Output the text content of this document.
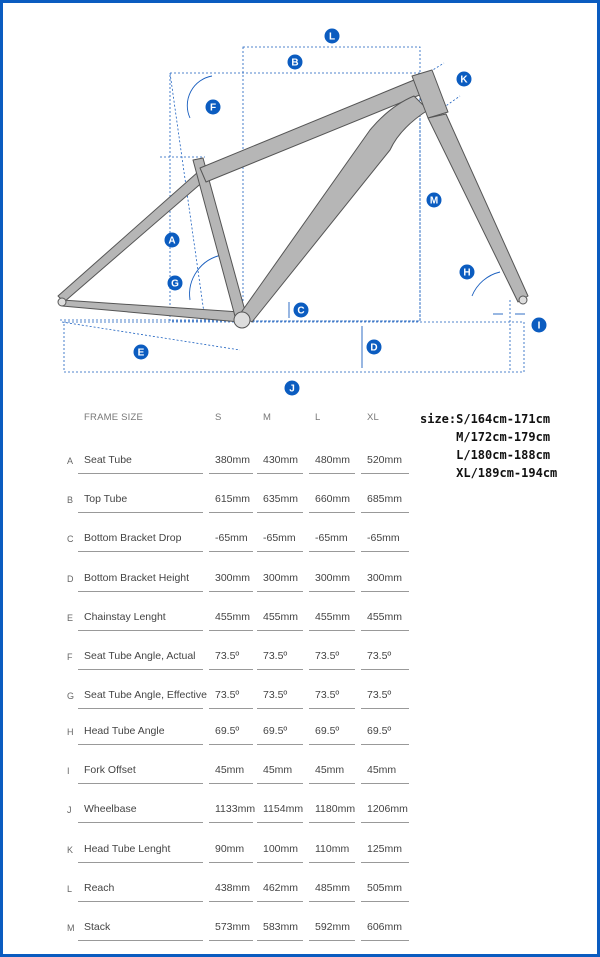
A
B
C
D
E
F
G
H
I
J
K
L
M
FRAME SIZE	S	M	L	XL
A Seat Tube	380mm 430mm 480mm 520mm
B Top Tube	615mm 635mm 660mm 685mm
C Bottom Bracket Drop	-65mm -65mm -65mm -65mm
D Bottom Bracket Height 300mm 300mm 300mm 300mm
E Chainstay Lenght	455mm 455mm 455mm 455mm
F Seat Tube Angle, Actual 73.5º 73.5º	73.5º	73.5º
G Seat Tube Angle, Effective 73.5º 73.5º	73.5º	73.5º
H Head Tube Angle	69.5º 69.5º	69.5º	69.5º
I Fork Offset	45mm 45mm 45mm 45mm
J Wheelbase	1133mm 1154mm 1180mm 1206mm
K Head Tube Lenght	90mm 100mm 110mm 125mm
L Reach	438mm 462mm 485mm 505mm
M Stack	573mm 583mm 592mm 606mm
size:S/164cm-171cm
M/172cm-179cm
L/180cm-188cm
XL/189cm-194cm
